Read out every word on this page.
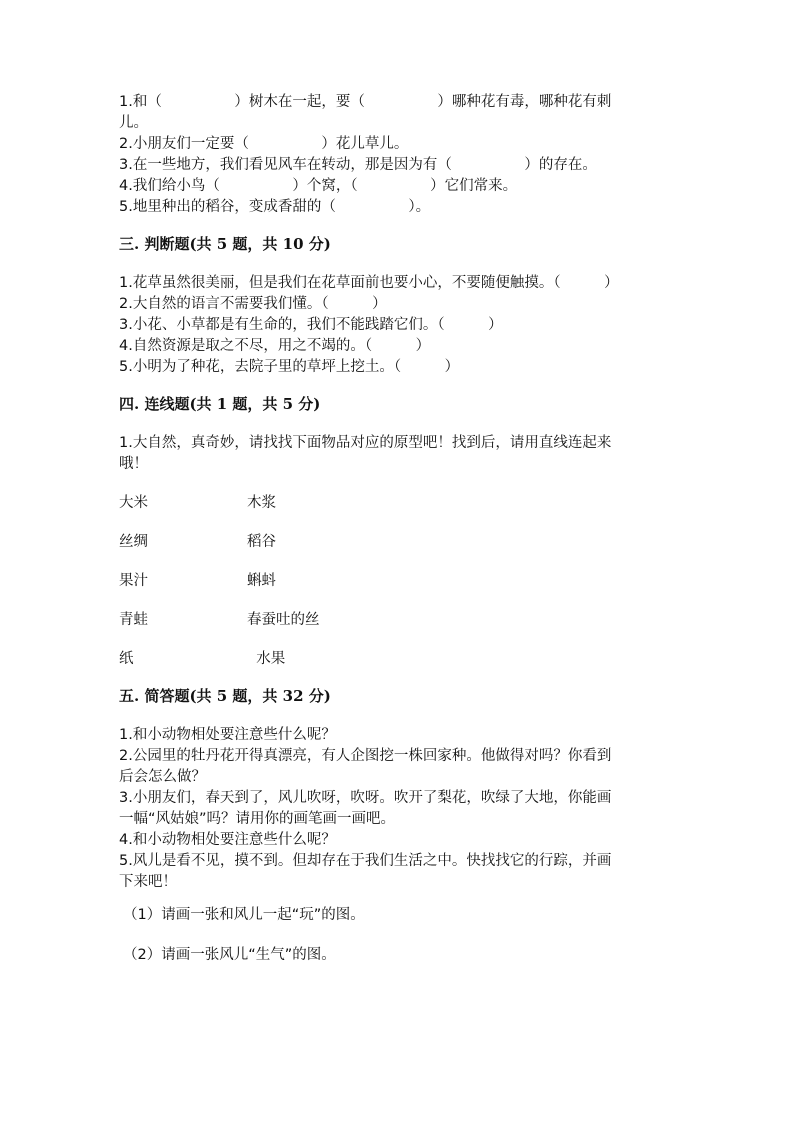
1.和（　　　　　）树木在一起，要（　　　　　）哪种花有毒，哪种花有刺

儿。

2.小朋友们一定要（　　　　　）花儿草儿。

3.在一些地方，我们看见风车在转动，那是因为有（　　　　　）的存在。

4.我们给小鸟（　　　　　）个窝，（　　　　　）它们常来。

5.地里种出的稻谷，变成香甜的（　　　　　）。

三. 判断题(共 5 题，共 10 分)

1.花草虽然很美丽，但是我们在花草面前也要小心，不要随便触摸。（　　　）

2.大自然的语言不需要我们懂。（　　　）

3.小花、小草都是有生命的，我们不能践踏它们。（　　　）

4.自然资源是取之不尽，用之不竭的。（　　　）

5.小明为了种花，去院子里的草坪上挖土。（　　　）

四. 连线题(共 1 题，共 5 分)

1.大自然，真奇妙，请找找下面物品对应的原型吧！找到后，请用直线连起来

哦！

大米	木浆
丝绸	稻谷
果汁	蝌蚪
青蛙	春蚕吐的丝
纸	水果

五. 简答题(共 5 题，共 32 分)

1.和小动物相处要注意些什么呢？

2.公园里的牡丹花开得真漂亮，有人企图挖一株回家种。他做得对吗？你看到

后会怎么做？

3.小朋友们，春天到了，风儿吹呀，吹呀。吹开了梨花，吹绿了大地，你能画

一幅“风姑娘”吗？请用你的画笔画一画吧。

4.和小动物相处要注意些什么呢？

5.风儿是看不见，摸不到。但却存在于我们生活之中。快找找它的行踪，并画

下来吧！

（1）请画一张和风儿一起“玩”的图。

（2）请画一张风儿“生气”的图。
